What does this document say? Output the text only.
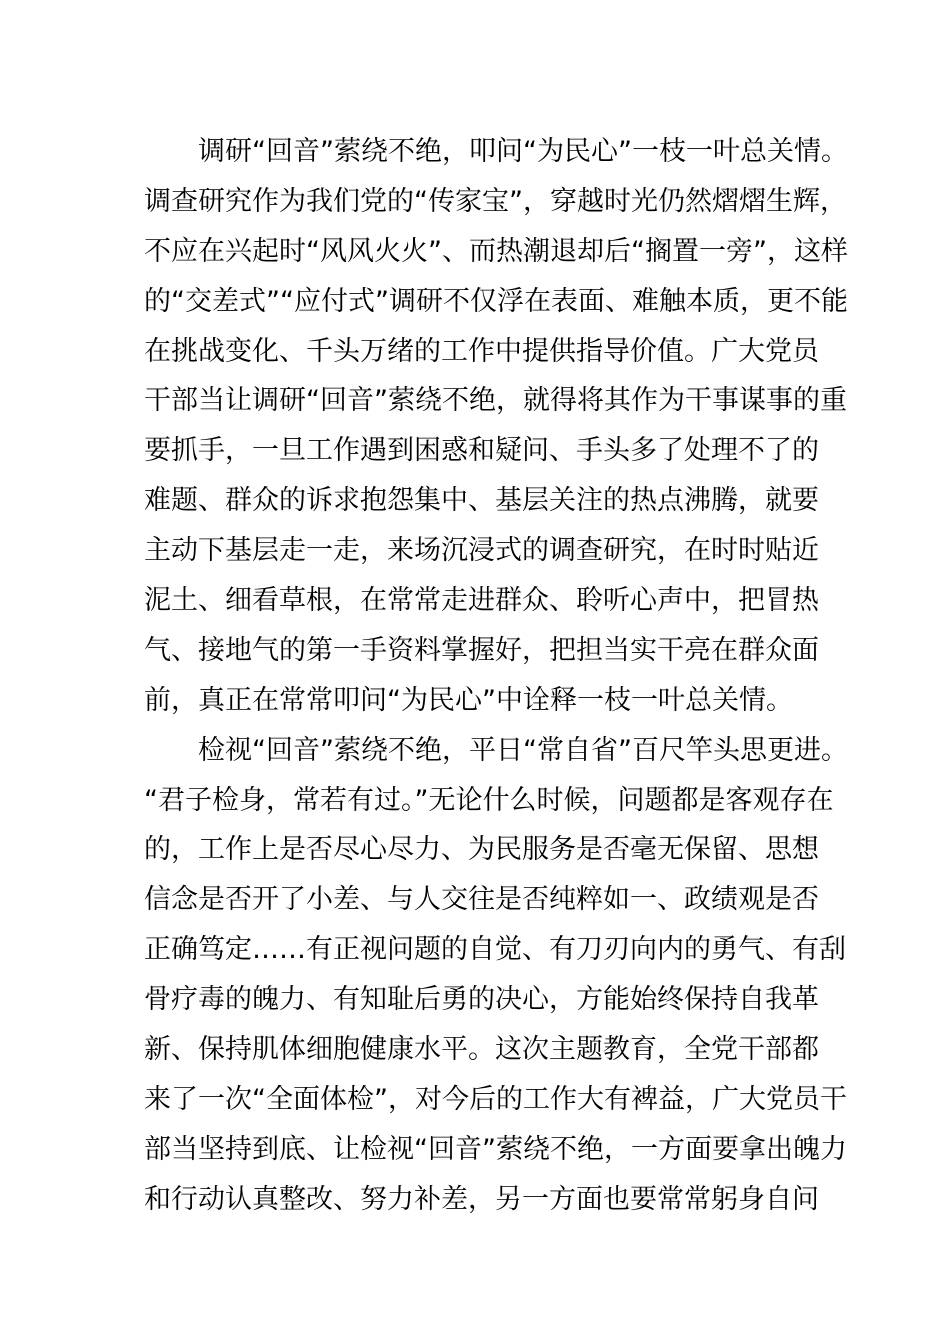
调研“回音”萦绕不绝，叩问“为民心”一枝一叶总关情。
调查研究作为我们党的“传家宝”，穿越时光仍然熠熠生辉，
不应在兴起时“风风火火”、而热潮退却后“搁置一旁”，这样
的“交差式”“应付式”调研不仅浮在表面、难触本质，更不能
在挑战变化、千头万绪的工作中提供指导价值。广大党员
干部当让调研“回音”萦绕不绝，就得将其作为干事谋事的重
要抓手，一旦工作遇到困惑和疑问、手头多了处理不了的
难题、群众的诉求抱怨集中、基层关注的热点沸腾，就要
主动下基层走一走，来场沉浸式的调查研究，在时时贴近
泥土、细看草根，在常常走进群众、聆听心声中，把冒热
气、接地气的第一手资料掌握好，把担当实干亮在群众面
前，真正在常常叩问“为民心”中诠释一枝一叶总关情。
检视“回音”萦绕不绝，平日“常自省”百尺竿头思更进。
“君子检身，常若有过。”无论什么时候，问题都是客观存在
的，工作上是否尽心尽力、为民服务是否毫无保留、思想
信念是否开了小差、与人交往是否纯粹如一、政绩观是否
正确笃定……有正视问题的自觉、有刀刃向内的勇气、有刮
骨疗毒的魄力、有知耻后勇的决心，方能始终保持自我革
新、保持肌体细胞健康水平。这次主题教育，全党干部都
来了一次“全面体检”，对今后的工作大有裨益，广大党员干
部当坚持到底、让检视“回音”萦绕不绝，一方面要拿出魄力
和行动认真整改、努力补差，另一方面也要常常躬身自问
